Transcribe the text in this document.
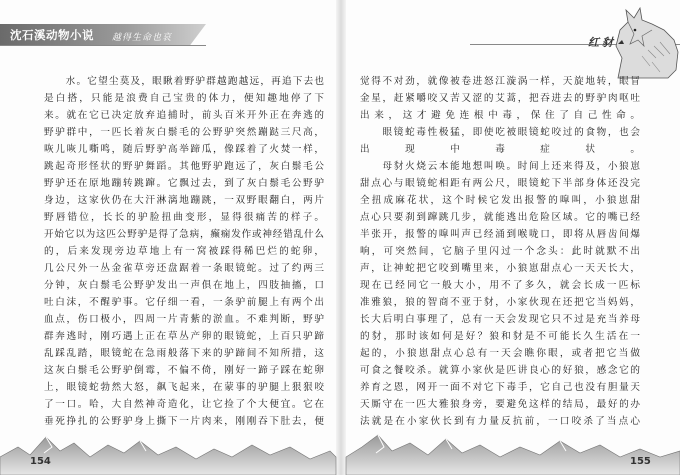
沈石溪动物小说 越得生命也哀	红豺
　　水。它望尘莫及，眼瞅着野驴群越跑越远，再追下去也
是白搭，只能是浪费自己宝贵的体力，便知趣地停了下
来。就在它已决定放弃追捕时，前头百米开外正在奔逃的
野驴群中，一匹长着灰白鬃毛的公野驴突然蹦跶三尺高，
咴儿咴儿嘶鸣，随后野驴高举蹄瓜，像踩着了火焚一样，
跳起奇形怪状的野驴舞蹈。其他野驴跑远了，灰白鬃毛公
野驴还在原地蹦转跳蹿。它飘过去，到了灰白鬃毛公野驴
身边，这家伙仍在大汗淋漓地蹦跳，一双野眼翻白，两片
野唇错位，长长的驴脸扭曲变形，显得很痛苦的样子。
开始它以为这匹公野驴是得了急病，癫痫发作或神经错乱什么
的，后来发现旁边草地上有一窝被踩得稀巴烂的蛇卵，
几公尺外一丛金雀草旁还盘踞着一条眼镜蛇。过了约两三
分钟，灰白鬃毛公野驴发出一声俱在地上，四肢抽搐，口
吐白沫，不醒驴事。它仔细一看，一条驴前腿上有两个出
血点，伤口极小，四周一片青紫的淤血。不难判断，野驴
群奔逃时，刚巧遇上正在草丛产卵的眼镜蛇，上百只驴蹄
乱踩乱踏，眼镜蛇在急雨般落下来的驴蹄间不知所措，这
这灰白鬃毛公野驴倒霉，不偏不倚，刚好一蹄子踩在蛇卵
上，眼镜蛇勃然大怒，飙飞起来，在蒙事的驴腿上狠狠咬
了一口。哈，大自然神奇造化，让它捡了个大便宜。它在
垂死挣扎的公野驴身上撕下一片肉来，刚刚吞下肚去，便
觉得不对劲，就像被卷进怒江漩涡一样，天旋地转，眼冒
金星，赶紧嚼咬又苦又涩的艾蒿，把吞进去的野驴肉呕吐
出来，这才避免连根中毒，保住了自己性命。
　　眼镜蛇毒性极猛，即使吃被眼镜蛇咬过的食物，也会
出现中毒症状。
　　母豺火烧云本能地想叫唤。时间上还来得及，小狼崽
甜点心与眼镜蛇相距有两公尺，眼镜蛇下半部身体还没完
全扭成麻花状，这个时候它发出报警的噑叫，小狼崽甜
点心只要刹到蹿跳几步，就能逃出危险区域。它的嘴已经
半张开，报警的噑叫声已经涌到喉咙口，即将从唇齿间爆
响，可突然间，它脑子里闪过一个念头：此时就默不出
声，让神蛇把它咬到嘴里来，小狼崽甜点心一天天长大，
现在已经同它一般大小，用不了多久，就会长成一匹标
准雅狼，狼的智商不亚于豺，小家伙现在还把它当妈妈，
长大后明白事理了，总有一天会发现它只不过是充当养母
的豺，那时该如何是好？狼和豺是不可能长久生活在一
起的，小狼崽甜点心总有一天会瞧你眼，或者把它当做
可食之餐咬杀。就算小家伙是匹讲良心的好狼，感念它的
养育之恩，网开一面不对它下毒手，它自己也没有胆量天
天厮守在一匹大雅狼身旁，要避免这样的结局，最好的办
法就是在小家伙长到有力量反抗前，一口咬杀了当点心
154	155
